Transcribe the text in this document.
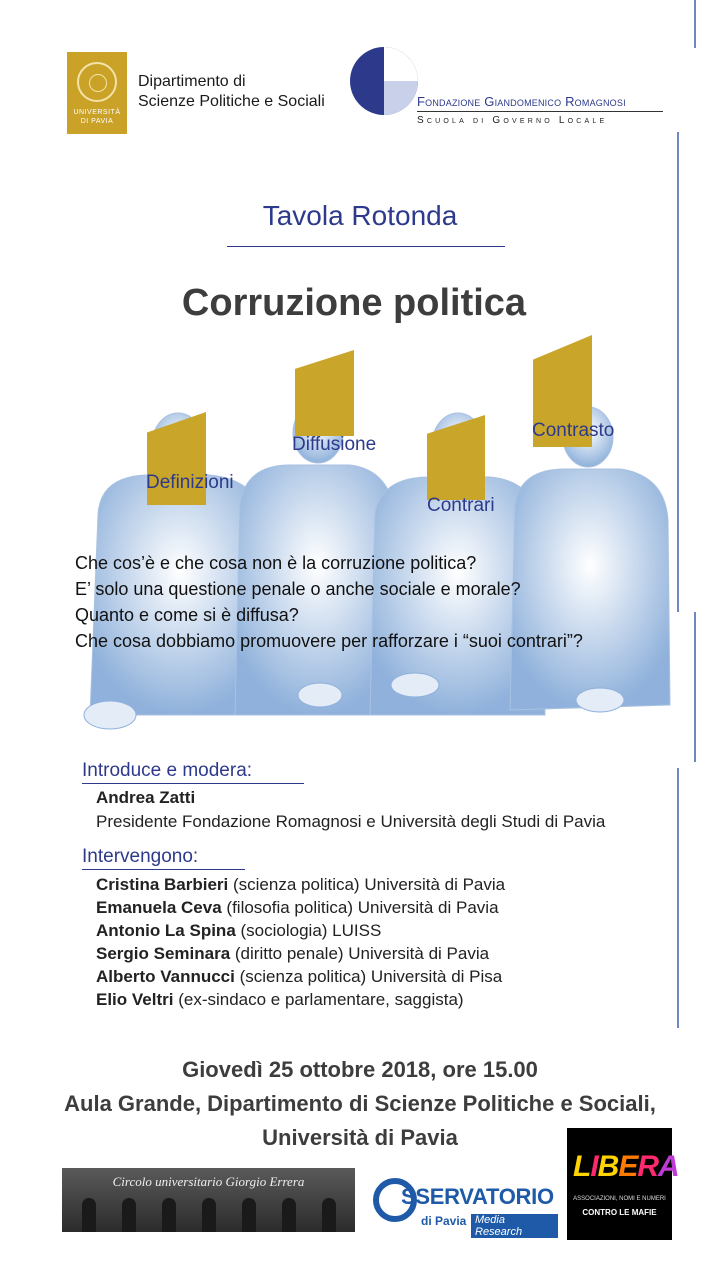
UNIVERSITÀ
DI PAVIA
Dipartimento di
Scienze Politiche e Sociali	Fondazione Giandomenico Romagnosi
Scuola di Governo Locale
Tavola Rotonda
Corruzione politica
Definizioni
Diffusione
Contrari
Contrasto
Che cos’è e che cosa non è la corruzione politica?
E’ solo una questione penale o anche sociale e morale?
Quanto e come si è diffusa?
Che cosa dobbiamo promuovere per rafforzare i “suoi contrari”?
Introduce e modera:
Andrea Zatti
Presidente Fondazione Romagnosi e Università degli Studi di Pavia
Intervengono:
Cristina Barbieri (scienza politica) Università di Pavia
Emanuela Ceva (filosofia politica) Università di Pavia
Antonio La Spina (sociologia) LUISS
Sergio Seminara (diritto penale) Università di Pavia
Alberto Vannucci (scienza politica) Università di Pisa
Elio Veltri (ex-sindaco e parlamentare, saggista)
Giovedì 25 ottobre 2018, ore 15.00
Aula Grande, Dipartimento di Scienze Politiche e Sociali,
Università di Pavia
Circolo universitario Giorgio Errera
SSERVATORIO
di Pavia Media Research
LIBERA
ASSOCIAZIONI, NOMI E NUMERI
CONTRO LE MAFIE
